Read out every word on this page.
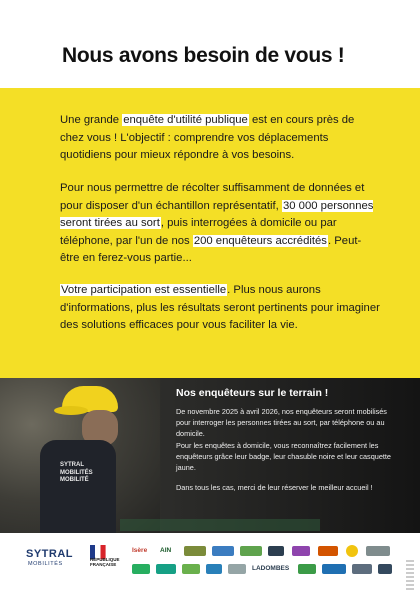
Nous avons besoin de vous !
Une grande enquête d'utilité publique est en cours près de chez vous ! L'objectif : comprendre vos déplacements quotidiens pour mieux répondre à vos besoins.
Pour nous permettre de récolter suffisamment de données et pour disposer d'un échantillon représentatif, 30 000 personnes seront tirées au sort, puis interrogées à domicile ou par téléphone, par l'un de nos 200 enquêteurs accrédités. Peut-être en ferez-vous partie...
Votre participation est essentielle. Plus nous aurons d'informations, plus les résultats seront pertinents pour imaginer des solutions efficaces pour vous faciliter la vie.
SYTRAL MOBILITÉS MOBILITÉ
Nos enquêteurs sur le terrain !
De novembre 2025 à avril 2026, nos enquêteurs seront mobilisés pour interroger les personnes tirées au sort, par téléphone ou au domicile.
Pour les enquêtes à domicile, vous reconnaîtrez facilement les enquêteurs grâce leur badge, leur chasuble noire et leur casquette jaune.
Dans tous les cas, merci de leur réserver le meilleur accueil !
SYTRAL
MOBILITÉS
RÉPUBLIQUE FRANÇAISE
Isère AIN
LADOMBES
